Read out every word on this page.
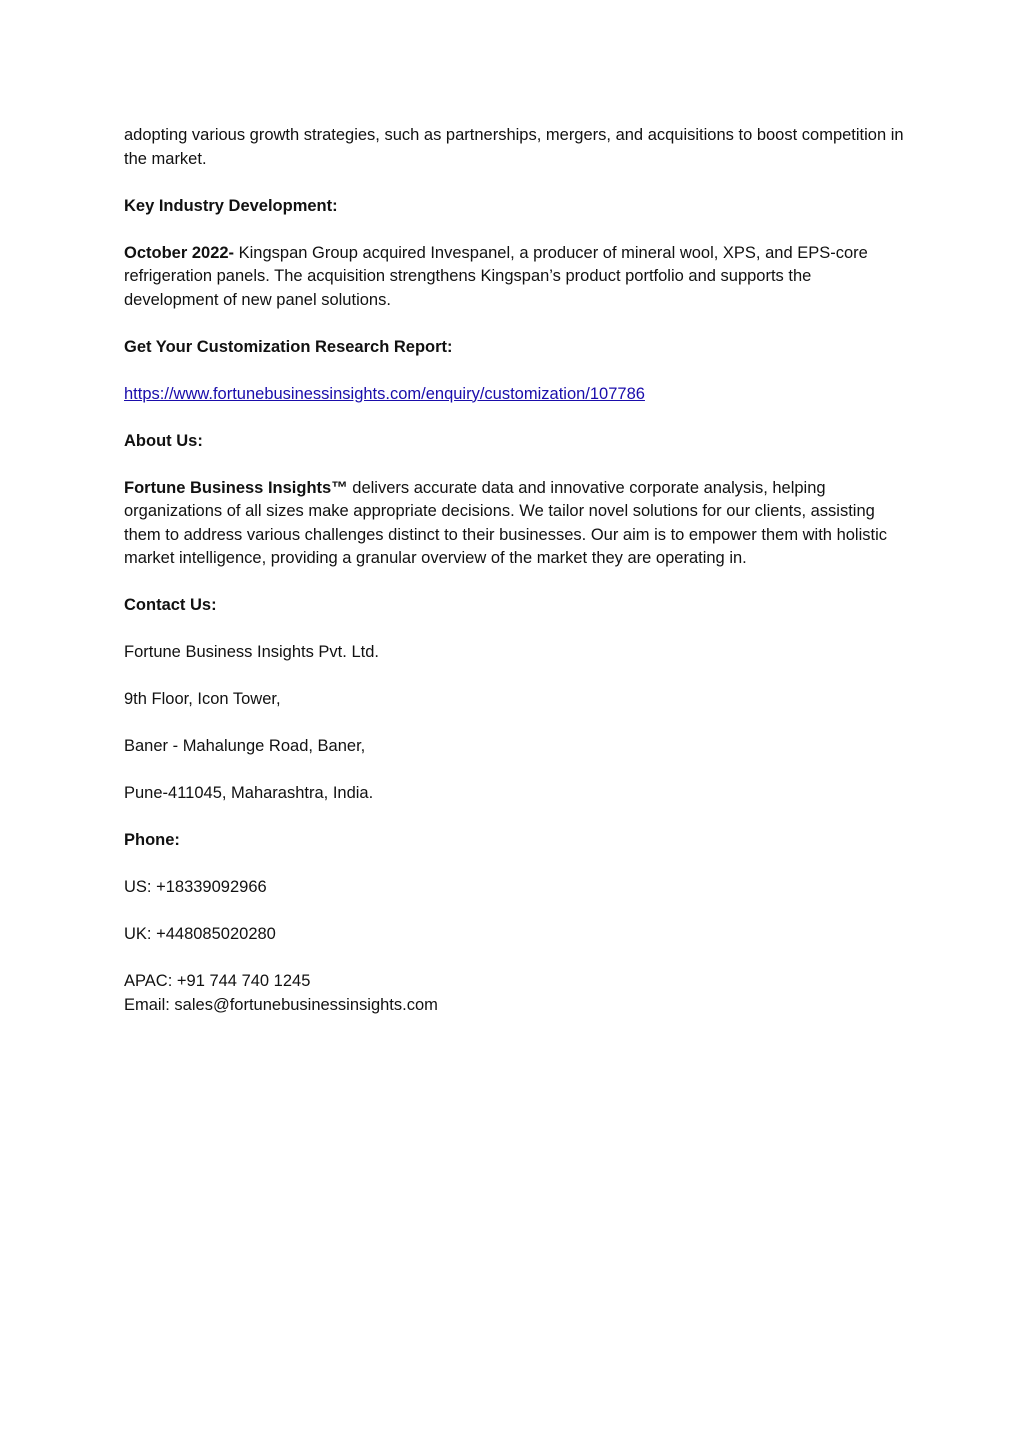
adopting various growth strategies, such as partnerships, mergers, and acquisitions to boost competition in the market.

Key Industry Development:

October 2022- Kingspan Group acquired Invespanel, a producer of mineral wool, XPS, and EPS-core refrigeration panels. The acquisition strengthens Kingspan’s product portfolio and supports the development of new panel solutions.

Get Your Customization Research Report:

https://www.fortunebusinessinsights.com/enquiry/customization/107786

About Us:

Fortune Business Insights™ delivers accurate data and innovative corporate analysis, helping organizations of all sizes make appropriate decisions. We tailor novel solutions for our clients, assisting them to address various challenges distinct to their businesses. Our aim is to empower them with holistic market intelligence, providing a granular overview of the market they are operating in.

Contact Us:

Fortune Business Insights Pvt. Ltd.

9th Floor, Icon Tower,

Baner - Mahalunge Road, Baner,

Pune-411045, Maharashtra, India.

Phone:

US: +18339092966

UK: +448085020280

APAC: +91 744 740 1245

Email: sales@fortunebusinessinsights.com
